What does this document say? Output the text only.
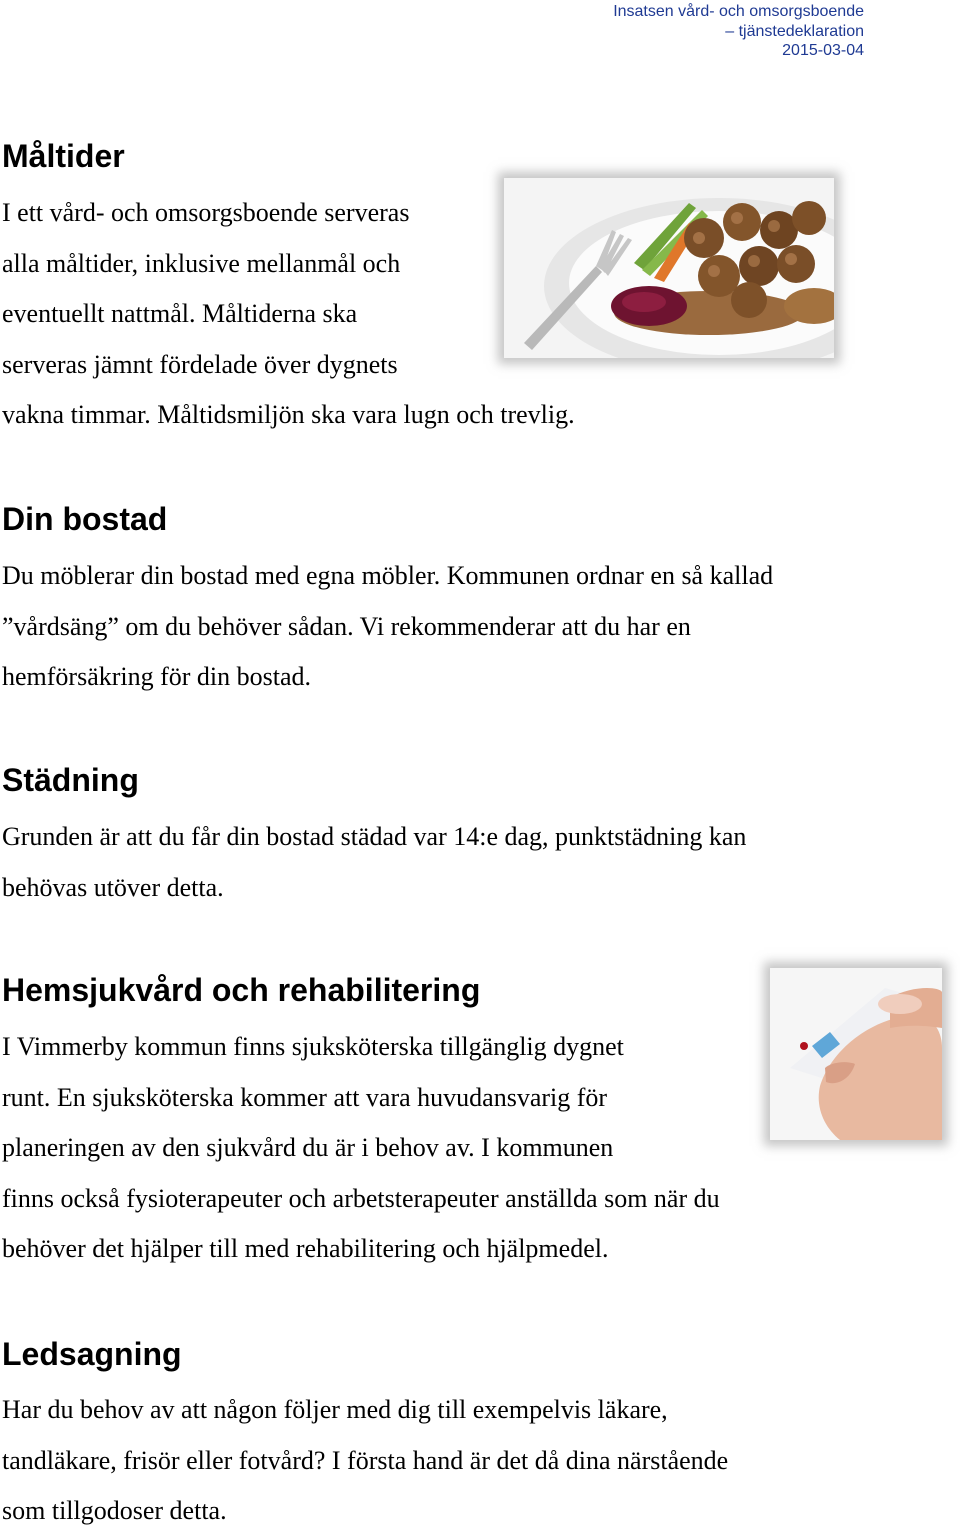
Insatsen vård- och omsorgsboende
– tjänstedeklaration
2015-03-04
Måltider
I ett vård- och omsorgsboende serveras
alla måltider, inklusive mellanmål och
eventuellt nattmål. Måltiderna ska
serveras jämnt fördelade över dygnets
vakna timmar. Måltidsmiljön ska vara lugn och trevlig.
Din bostad
Du möblerar din bostad med egna möbler. Kommunen ordnar en så kallad
”vårdsäng” om du behöver sådan. Vi rekommenderar att du har en
hemförsäkring för din bostad.
Städning
Grunden är att du får din bostad städad var 14:e dag, punktstädning kan
behövas utöver detta.
Hemsjukvård och rehabilitering
I Vimmerby kommun finns sjuksköterska tillgänglig dygnet
runt. En sjuksköterska kommer att vara huvudansvarig för
planeringen av den sjukvård du är i behov av. I kommunen
finns också fysioterapeuter och arbetsterapeuter anställda som när du
behöver det hjälper till med rehabilitering och hjälpmedel.
Ledsagning
Har du behov av att någon följer med dig till exempelvis läkare,
tandläkare, frisör eller fotvård? I första hand är det då dina närstående
som tillgodoser detta.
